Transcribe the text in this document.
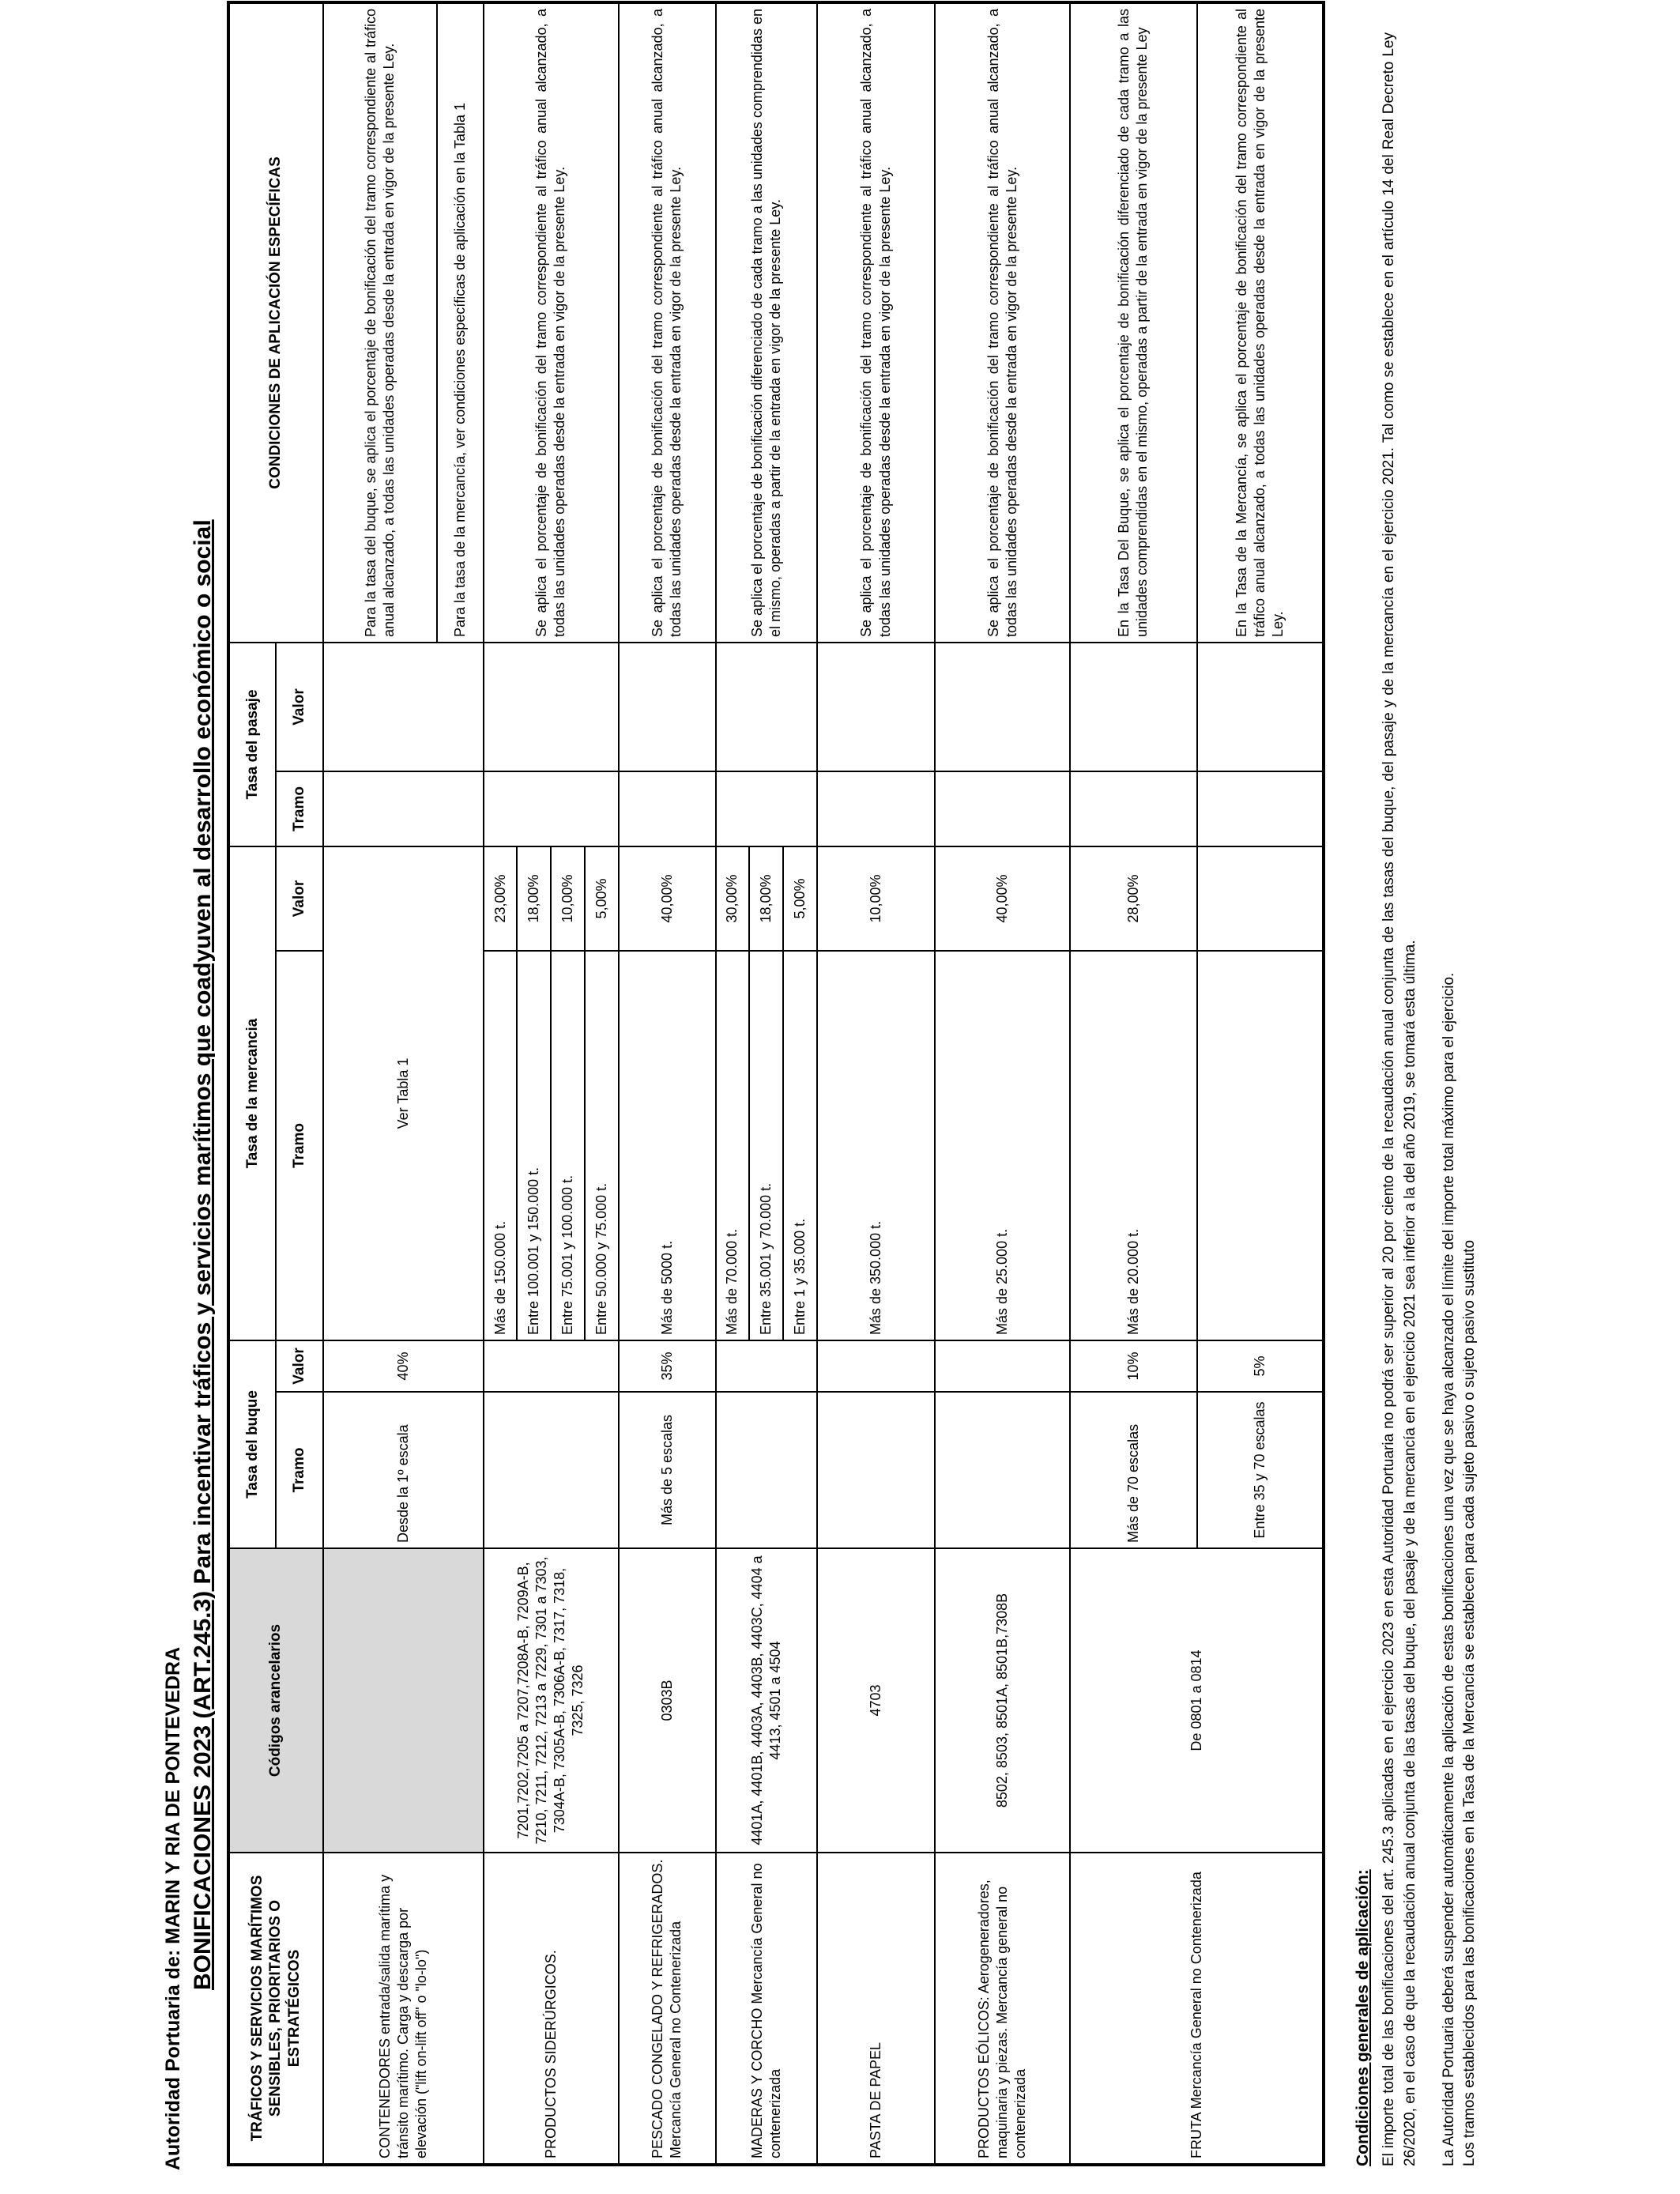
Autoridad Portuaria de: MARIN Y RIA DE PONTEVEDRA BONIFICACIONES 2023 (ART.245.3) Para incentivar tráficos y servicios marítimos que coadyuven al desarrollo económico o social
TRÁFICOS Y SERVICIOS MARÍTIMOS SENSIBLES, PRIORITARIOS O ESTRATÉGICOS	Códigos arancelarios	Tasa del buque		Tasa de la mercancia		Tasa del pasaje		CONDICIONES DE APLICACIÓN ESPECÍFICAS
		Tramo	Valor	Tramo	Valor	Tramo	Valor	
CONTENEDORES entrada/salida marítima y tránsito marítimo. Carga y descarga por elevación ("lift on-lift off" o "lo-lo")		Desde la 1º escala	40%	Ver Tabla 1				Para la tasa del buque, se aplica el porcentaje de bonificación del tramo correspondiente al tráfico anual alcanzado, a todas las unidades operadas desde la entrada en vigor de la presente Ley.
								Para la tasa de la mercancía, ver condiciones específicas de aplicación en la Tabla 1
PRODUCTOS SIDERÚRGICOS.	7201,7202,7205 a 7207,7208A-B, 7209A-B, 7210, 7211, 7212, 7213 a 7229, 7301 a 7303, 7304A-B, 7305A-B, 7306A-B, 7317, 7318, 7325, 7326			Más de 150.000 t.	23,00%			Se aplica el porcentaje de bonificación del tramo correspondiente al tráfico anual alcanzado, a todas las unidades operadas desde la entrada en vigor de la presente Ley.
				Entre 100.001 y 150.000 t.	18,00%			
				Entre 75.001 y 100.000 t.	10,00%			
				Entre 50.000 y 75.000 t.	5,00%			
PESCADO CONGELADO Y REFRIGERADOS. Mercancía General no Contenerizada	0303B	Más de 5 escalas	35%	Más de 5000 t.	40,00%			Se aplica el porcentaje de bonificación del tramo correspondiente al tráfico anual alcanzado, a todas las unidades operadas desde la entrada en vigor de la presente Ley.
MADERAS Y CORCHO Mercancía General no contenerizada	4401A, 4401B, 4403A, 4403B, 4403C, 4404 a 4413, 4501 a 4504			Más de 70.000 t.	30,00%			Se aplica el porcentaje de bonificación diferenciado de cada tramo a las unidades comprendidas en el mismo, operadas a partir de la entrada en vigor de la presente Ley.
				Entre 35.001 y 70.000 t.	18,00%			
				Entre 1 y 35.000 t.	5,00%			
PASTA DE PAPEL	4703			Más de 350.000 t.	10,00%			Se aplica el porcentaje de bonificación del tramo correspondiente al tráfico anual alcanzado, a todas las unidades operadas desde la entrada en vigor de la presente Ley.
PRODUCTOS EÓLICOS: Aerogeneradores, maquinaria y piezas. Mercancía general no contenerizada	8502, 8503, 8501A, 8501B,7308B			Más de 25.000 t.	40,00%			Se aplica el porcentaje de bonificación del tramo correspondiente al tráfico anual alcanzado, a todas las unidades operadas desde la entrada en vigor de la presente Ley.
FRUTA Mercancía General no Contenerizada	De 0801 a 0814	Más de 70 escalas	10%	Más de 20.000 t.	28,00%			En la Tasa Del Buque, se aplica el porcentaje de bonificación diferenciado de cada tramo a las unidades comprendidas en el mismo, operadas a partir de la entrada en vigor de la presente Ley
		Entre 35 y 70 escalas	5%					En la Tasa de la Mercancía, se aplica el porcentaje de bonificación del tramo correspondiente al tráfico anual alcanzado, a todas las unidades operadas desde la entrada en vigor de la presente Ley.
Condiciones generales de aplicación: El importe total de las bonificaciones del art. 245.3 aplicadas en el ejercicio 2023 en esta Autoridad Portuaria no podrá ser superior al 20 por ciento de la recaudación anual conjunta de las tasas del buque, del pasaje y de la mercancía en el ejercicio 2021. Tal como se establece en el artículo 14 del Real Decreto Ley 26/2020, en el caso de que la recaudación anual conjunta de las tasas del buque, del pasaje y de la mercancía en el ejercicio 2021 sea inferior a la del año 2019, se tomará esta última. La Autoridad Portuaria deberá suspender automáticamente la aplicación de estas bonificaciones una vez que se haya alcanzado el límite del importe total máximo para el ejercicio. Los tramos establecidos para las bonificaciones en la Tasa de la Mercancía se establecen para cada sujeto pasivo o sujeto pasivo sustituto
